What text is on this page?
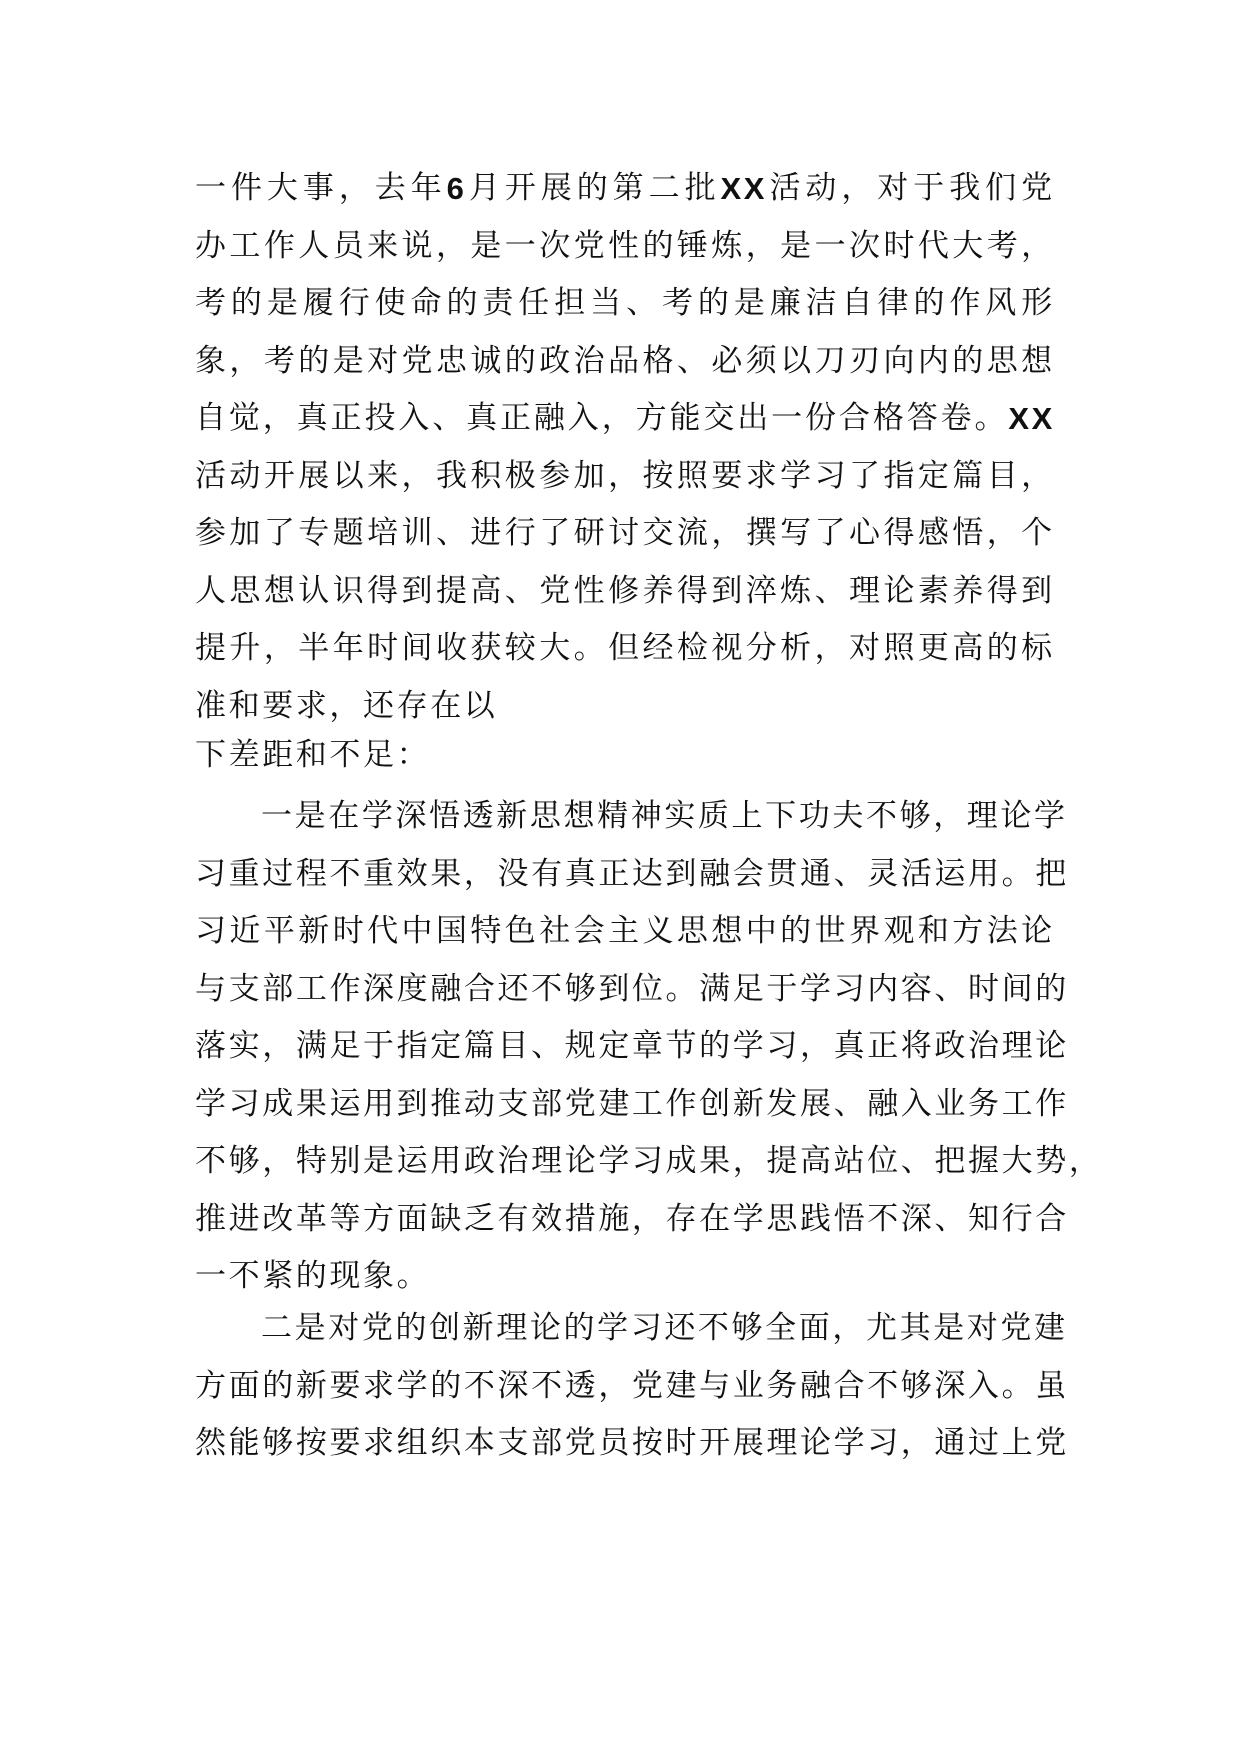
一 件 大 事 ， 去 年 6 月 开 展 的 第 二 批 XX 活 动 ， 对 于 我 们 党
办 工 作 人 员 来 说 ， 是 一 次 党 性 的 锤 炼 ， 是 一 次 时 代 大 考 ，
考 的 是 履 行 使 命 的 责 任 担 当 、 考 的 是 廉 洁 自 律 的 作 风 形
象 ， 考 的 是 对 党 忠 诚 的 政 治 品 格 、 必 须 以 刀 刃 向 内 的 思 想
自 觉 ， 真 正 投 入 、 真 正 融 入 ， 方 能 交 出 一 份 合 格 答 卷 。 XX
活 动 开 展 以 来 ， 我 积 极 参 加 ， 按 照 要 求 学 习 了 指 定 篇 目 ，
参 加 了 专 题 培 训 、 进 行 了 研 讨 交 流 ， 撰 写 了 心 得 感 悟 ， 个
人 思 想 认 识 得 到 提 高 、 党 性 修 养 得 到 淬 炼 、 理 论 素 养 得 到
提 升 ， 半 年 时 间 收 获 较 大 。 但 经 检 视 分 析 ， 对 照 更 高 的 标
准和要求，还存在以
下差距和不足：
一 是 在 学 深 悟 透 新 思 想 精 神 实 质 上 下 功 夫 不 够 ， 理 论 学
习 重 过 程 不 重 效 果 ， 没 有 真 正 达 到 融 会 贯 通 、 灵 活 运 用 。 把
习 近 平 新 时 代 中 国 特 色 社 会 主 义 思 想 中 的 世 界 观 和 方 法 论
与 支 部 工 作 深 度 融 合 还 不 够 到 位 。 满 足 于 学 习 内 容 、 时 间 的
落 实 ， 满 足 于 指 定 篇 目 、 规 定 章 节 的 学 习 ， 真 正 将 政 治 理 论
学 习 成 果 运 用 到 推 动 支 部 党 建 工 作 创 新 发 展 、 融 入 业 务 工 作
不 够 ， 特 别 是 运 用 政 治 理 论 学 习 成 果 ， 提 高 站 位 、 把 握 大 势 ，
推 进 改 革 等 方 面 缺 乏 有 效 措 施 ， 存 在 学 思 践 悟 不 深 、 知 行 合
一不紧的现象。
二 是 对 党 的 创 新 理 论 的 学 习 还 不 够 全 面 ， 尤 其 是 对 党 建
方 面 的 新 要 求 学 的 不 深 不 透 ， 党 建 与 业 务 融 合 不 够 深 入 。 虽
然 能 够 按 要 求 组 织 本 支 部 党 员 按 时 开 展 理 论 学 习 ， 通 过 上 党
